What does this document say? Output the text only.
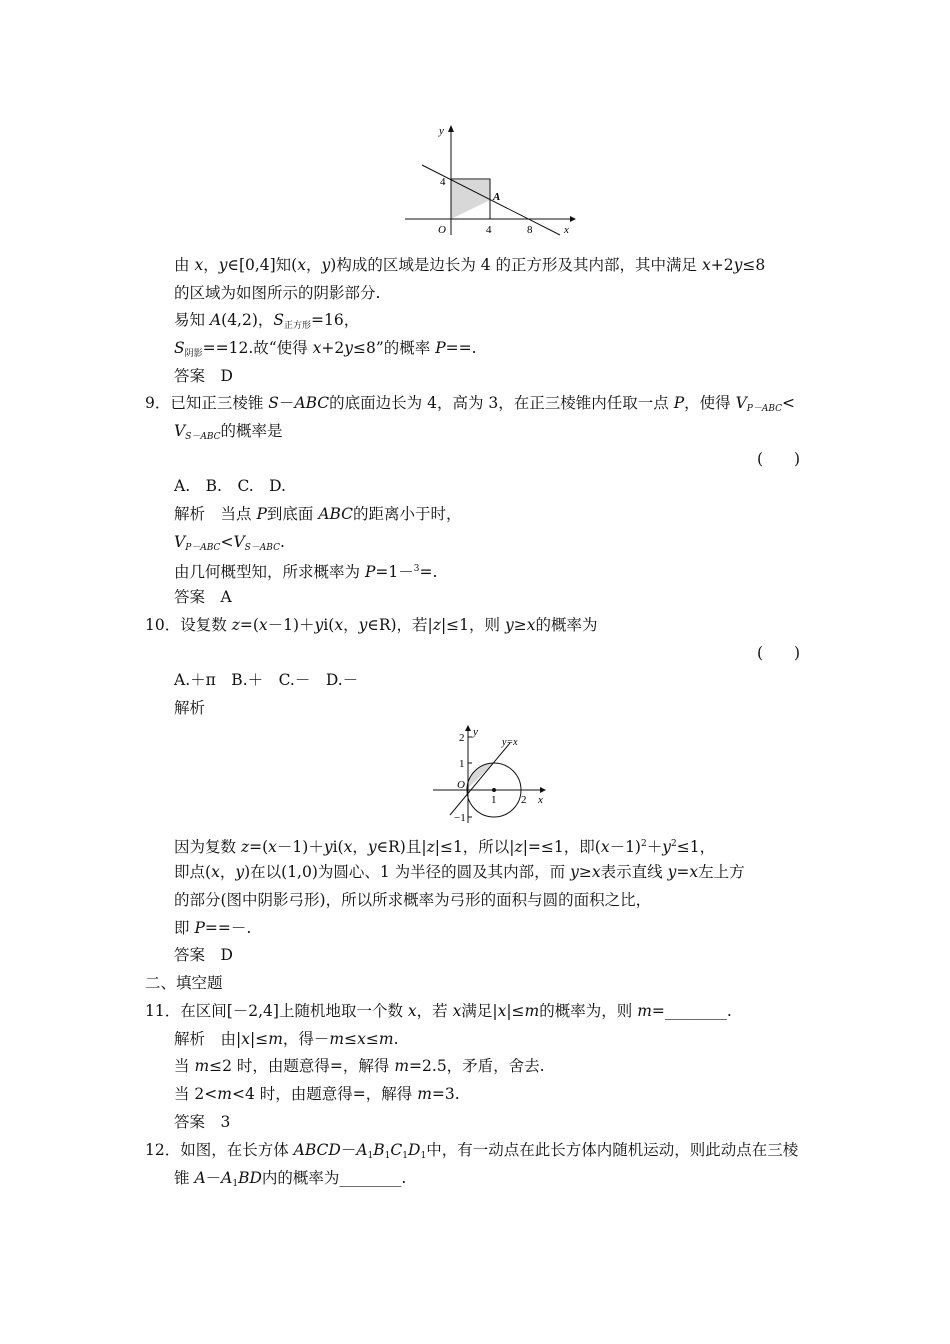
y
x
O
4
4	8
A
由 x，y∈[0,4]知(x，y)构成的区域是边长为 4 的正方形及其内部，其中满足 x+2y≤8
的区域为如图所示的阴影部分.
易知 A(4,2)，$S_{正方形}=16$，
$S_{阴影}==12$.故“使得 x+2y≤8”的概率 P==.
答案　D
9．已知正三棱锥 S－ABC的底面边长为 4，高为 3，在正三棱锥内任取一点 P，使得 $V_{P-ABC}<$
$V_{S-ABC}$的概率是
(　　)
A.　B.　C.　D.
解析　当点 P到底面 ABC的距离小于时，
$V_{P-ABC}<V_{S-ABC}$.
由几何概型知，所求概率为 P=1－$^3$=.
答案　A
10．设复数 z=(x－1)＋yi(x，y∈R)，若|z|≤1，则 y≥x的概率为
(　　)
A.＋π　B.＋　C.－　D.－
解析
y
y=x
2
1
O
−1
1 2 x
因为复数 z=(x－1)＋yi(x，y∈R)且|z|≤1，所以|z|=≤1，即$(x-1)^2+y^2\le 1$，
即点(x，y)在以(1,0)为圆心、1 为半径的圆及其内部，而 y≥x表示直线 y=x左上方
的部分(图中阴影弓形)，所以所求概率为弓形的面积与圆的面积之比，
即 P==－.
答案　D
二、填空题
11．在区间[－2,4]上随机地取一个数 x，若 x满足|x|≤m的概率为，则 m=________.
解析　由|x|≤m，得－m≤x≤m.
当 m≤2 时，由题意得=，解得 m=2.5，矛盾，舍去.
当 2<m<4 时，由题意得=，解得 m=3.
答案　3
12．如图，在长方体 $ABCD-A_1B_1C_1D_1$中，有一动点在此长方体内随机运动，则此动点在三棱
锥 $A-A_1BD$内的概率为________.
